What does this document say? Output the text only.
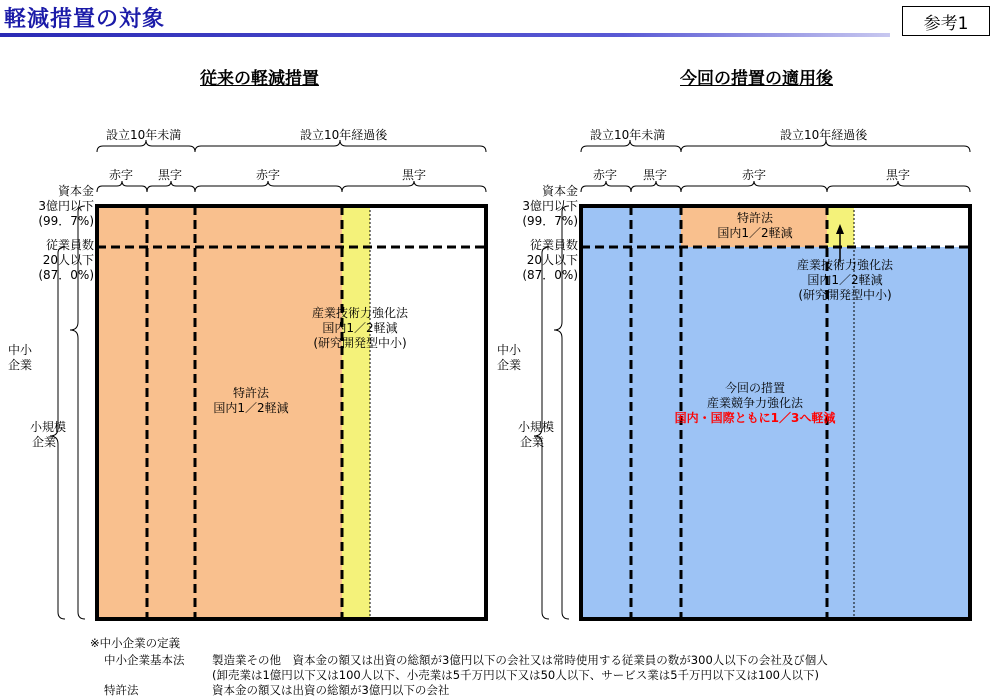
軽減措置の対象	参考1
従来の軽減措置
設立10年未満	設立10年経過後
赤字 黒字	赤字	黒字
資本金
3億円以下
(99．7%)
従業員数
20人以下
(87．0%)
中小
企業
小規模
企業
特許法
国内1／2軽減
産業技術力強化法
国内1／2軽減
(研究開発型中小)
今回の措置の適用後
設立10年未満	設立10年経過後
赤字 黒字	赤字	黒字
資本金
3億円以下
(99．7%)
従業員数
20人以下
(87．0%)
中小
企業
小規模
企業
特許法
国内1／2軽減
産業技術力強化法
国内1／2軽減
(研究開発型中小)
今回の措置
産業競争力強化法
国内・国際ともに1／3へ軽減
※中小企業の定義
中小企業基本法 製造業その他　資本金の額又は出資の総額が3億円以下の会社又は常時使用する従業員の数が300人以下の会社及び個人
(卸売業は1億円以下又は100人以下、小売業は5千万円以下又は50人以下、サービス業は5千万円以下又は100人以下)
特許法	資本金の額又は出資の総額が3億円以下の会社
